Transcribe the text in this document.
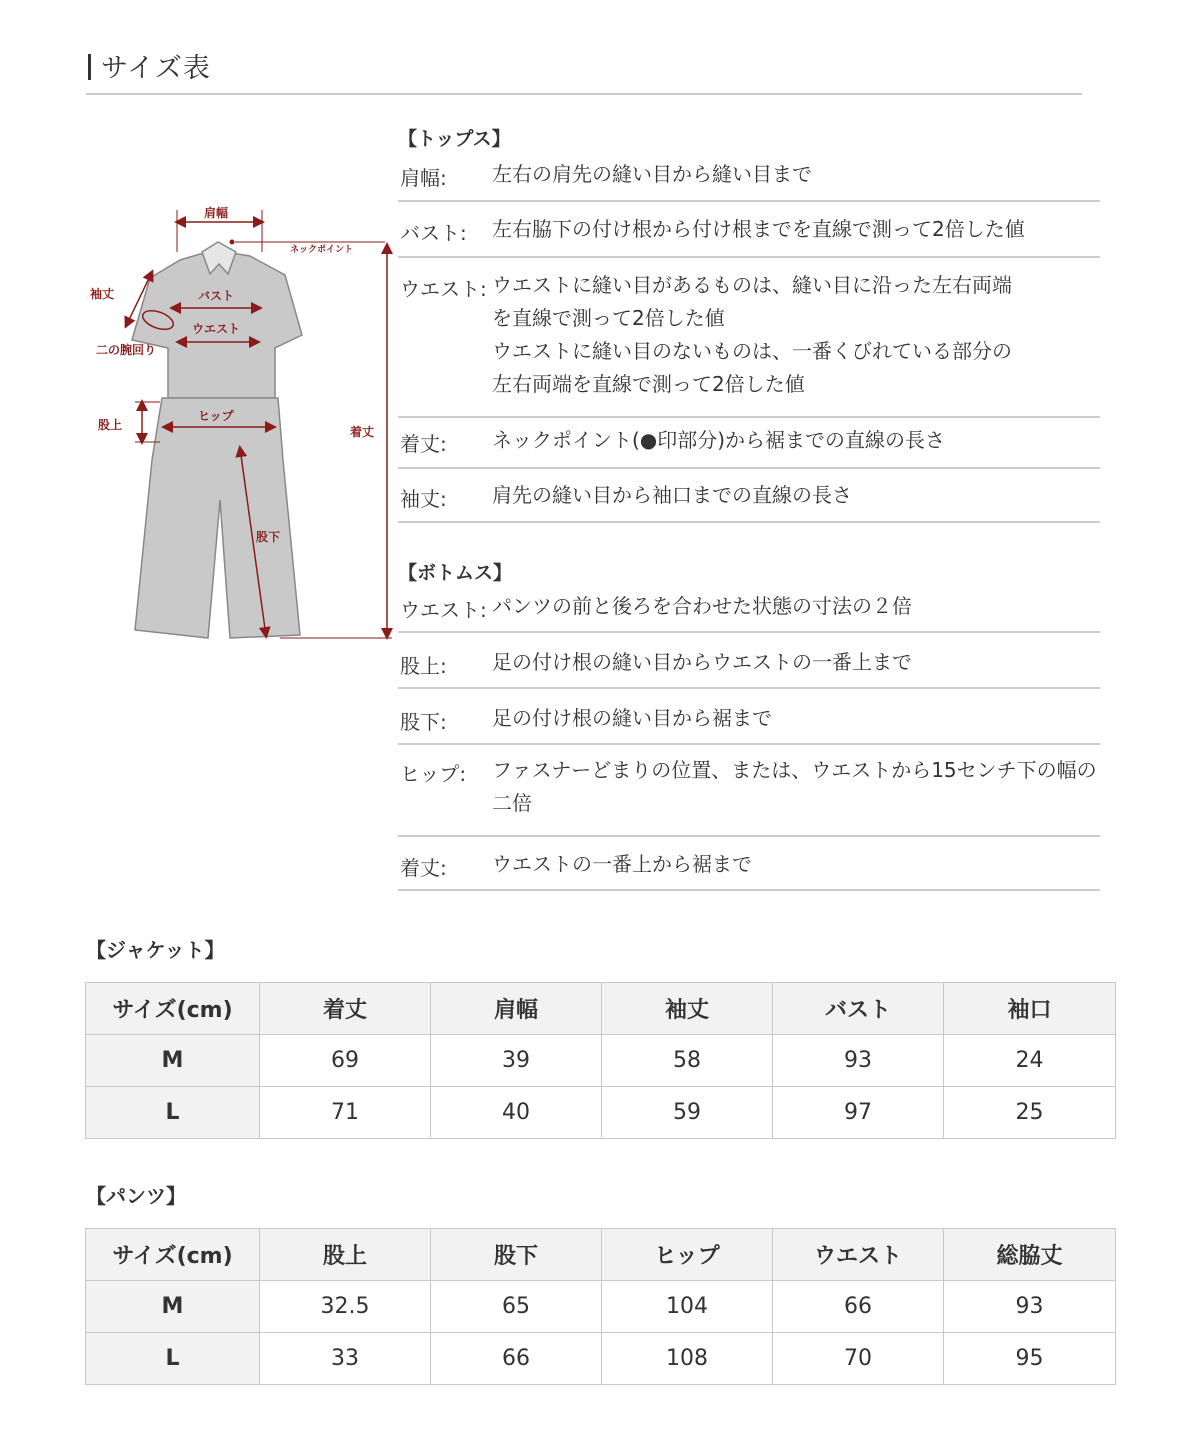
サイズ表
肩幅
ネックポイント
袖丈	バスト
ウエスト
二の腕回り
着丈
股上
ヒップ
股下
【トップス】
肩幅: 左右の肩先の縫い目から縫い目まで
バスト: 左右脇下の付け根から付け根までを直線で測って2倍した値
ウエスト: ウエストに縫い目があるものは、縫い目に沿った左右両端
を直線で測って2倍した値
ウエストに縫い目のないものは、一番くびれている部分の
左右両端を直線で測って2倍した値
着丈: ネックポイント(●印部分)から裾までの直線の長さ
袖丈: 肩先の縫い目から袖口までの直線の長さ
【ボトムス】
ウエスト: パンツの前と後ろを合わせた状態の寸法の２倍
股上: 足の付け根の縫い目からウエストの一番上まで
股下: 足の付け根の縫い目から裾まで
ヒップ: ファスナーどまりの位置、または、ウエストから15センチ下の幅の
二倍
着丈: ウエストの一番上から裾まで
【ジャケット】
サイズ(cm)	着丈	肩幅	袖丈	バスト	袖口
M	69	39	58	93	24
L	71	40	59	97	25
【パンツ】
サイズ(cm)	股上	股下	ヒップ	ウエスト	総脇丈
M	32.5	65	104	66	93
L	33	66	108	70	95
